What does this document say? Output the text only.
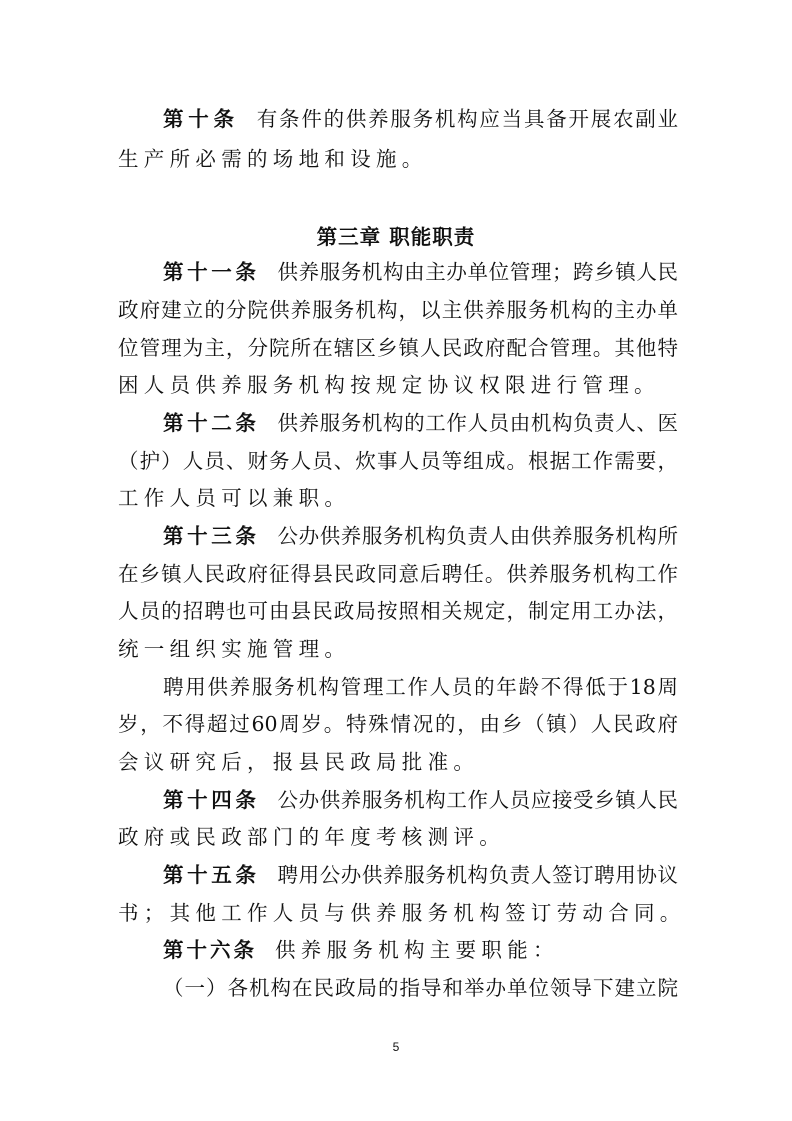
第十条 有条件的供养服务机构应当具备开展农副业
生产所必需的场地和设施。
第三章 职能职责
第十一条 供养服务机构由主办单位管理；跨乡镇人民
政府建立的分院供养服务机构，以主供养服务机构的主办单
位管理为主，分院所在辖区乡镇人民政府配合管理。其他特
困人员供养服务机构按规定协议权限进行管理。
第十二条 供养服务机构的工作人员由机构负责人、医
（护）人员、财务人员、炊事人员等组成。根据工作需要，
工作人员可以兼职。
第十三条 公办供养服务机构负责人由供养服务机构所
在乡镇人民政府征得县民政同意后聘任。供养服务机构工作
人员的招聘也可由县民政局按照相关规定，制定用工办法，
统一组织实施管理。
聘用供养服务机构管理工作人员的年龄不得低于18周
岁，不得超过60周岁。特殊情况的，由乡（镇）人民政府
会议研究后，报县民政局批准。
第十四条 公办供养服务机构工作人员应接受乡镇人民
政府或民政部门的年度考核测评。
第十五条 聘用公办供养服务机构负责人签订聘用协议
书；其他工作人员与供养服务机构签订劳动合同。
第十六条 供养服务机构主要职能：
（一）各机构在民政局的指导和举办单位领导下建立院
5
